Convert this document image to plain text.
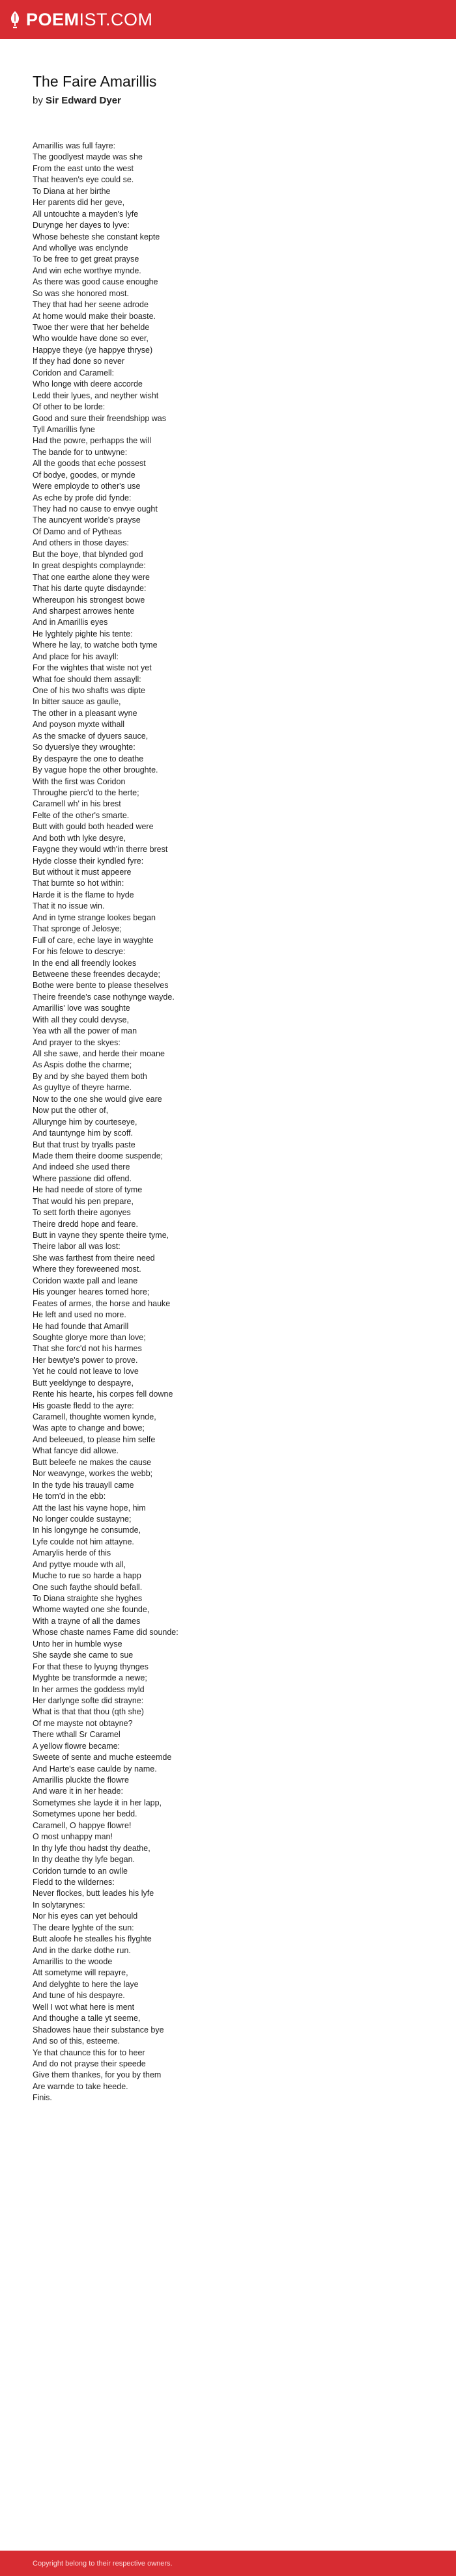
POEMIST.COM
The Faire Amarillis
by Sir Edward Dyer
Amarillis was full fayre:
The goodlyest mayde was she
From the east unto the west
That heaven's eye could se.
To Diana at her birthe
Her parents did her geve,
All untouchte a mayden's lyfe
Duryngе her dayes to lyve:
Whose beheste she constant kepte
And whollye was enclynde
To be free to get great prayse
And win eche worthye mynde.
As there was good cause enoughe
So was she honored most.
They that had her seene adrode
At home would make their boaste.
Twoe ther were that her behelde
Who wouldе have done so ever,
Happye theye (ye happye thryse)
If they had done so never
Coridon and Caramell:
Who longe with deere accorde
Ledd their lyues, and neyther wisht
Of other to be lorde:
Good and sure their freendshipp was
Tyll Amarillis fyne
Had the powre, perhapps the will
The bande for to untwyne:
All the goods that eche possest
Of bodye, goodes, or mynde
Were employde to other's use
As eche by profe did fynde:
They had no cause to envye ought
The auncyent worlde's prayse
Of Damo and of Pytheas
And others in those dayes:
But the boye, that blynded god
In great despights complaynde:
That one earthe alone they were
That his darte quyte disdaynde:
Whereupon his strongest bowe
And sharpest arrowes hente
And in Amarillis eyes
He lyghtely pighte his tente:
Where he lay, to watche both tyme
And place for his avayll:
For the wightes that wiste not yet
What foe should them assayll:
One of his two shafts was dipte
In bitter sauce as gaulle,
The other in a pleasant wyne
And poyson myxte withall
As the smacke of dyuers sauce,
So dyuerslye they wroughte:
By despayre the one to deathe
By vague hope the other broughte.
With the first was Coridon
Throughe pierc'd to the herte;
Caramell wh' in his brest
Felte of the other's smarte.
Butt with gould both headed were
And both wth lyke desyre,
Faygne they would wth'in therre brest
Hyde closse their kyndled fyre:
But without it must appeere
That burnte so hot within:
Harde it is the flame to hyde
That it no issue win.
And in tyme strange lookes began
That spronge of Jelosye;
Full of care, eche laye in wayghte
For his felowe to descrye:
In the end all freendly lookes
Betweene these freendes decayde;
Bothe were bente to please theselves
Theire freende's case nothynge wayde.
Amarillis' love was soughte
With all they could devyse,
Yea wth all the power of man
And prayer to the skyes:
All she sawe, and herde their moane
As Aspis dothe the charme;
By and by she bayed them both
As guyltye of theyre harme.
Now to the one she would give eare
Now put the other of,
Alluryngе him by courteseye,
And tauntynge him by scoff.
But that trust by tryalls paste
Made them theire doome suspende;
And indeed she used there
Where passione did offend.
He had neede of store of tyme
That would his pen prepare,
To sett forth theire agonyes
Theire dredd hope and feare.
Butt in vayne they spente theire tyme,
Theire labor all was lost:
She was farthest from theire need
Where they foreweened most.
Coridon waxte pall and leane
His younger heares torned hore;
Feates of armes, the horse and hauke
He left and used no more.
He had founde that Amarill
Soughte glorye more than love;
That she forc'd not his harmes
Her bewtye's power to prove.
Yet he could not leave to love
Butt yeeldynge to despayre,
Rente his hearte, his corpes fell downe
His goaste fledd to the ayre:
Caramell, thoughte women kynde,
Was apte to change and bowe;
And beleeued, to please him selfe
What fancye did allowe.
Butt beleefe ne makes the cause
Nor weavynge, workes the webb;
In the tyde his trauayll came
He torn'd in the ebb:
Att the last his vayne hope, him
No longer coulde sustayne;
In his longynge he consumde,
Lyfe coulde not him attayne.
Amarylis herde of this
And pyttye moude wth all,
Muche to rue so harde a happ
One such faythe should befall.
To Diana straighte she hyghes
Whome wayted one she founde,
With a trayne of all the dames
Whose chaste names Fame did sounde:
Unto her in humble wyse
She sayde she came to sue
For that these to lyuyng thynges
Myghte be transformde a newe;
In her armes the goddess myld
Her darlynge softe did strayne:
What is that that thou (qth she)
Of me mayste not obtayne?
There wthall Sr Caramel
A yellow flowre became:
Sweete of sente and muche esteemde
And Harte's ease caulde by name.
Amarillis pluckte the flowre
And ware it in her heade:
Sometymes she layde it in her lapp,
Sometymes upone her bedd.
Caramell, O happye flowre!
O most unhappy man!
In thy lyfe thou hadst thy deathe,
In thy deathe thy lyfe began.
Coridon turnde to an owlle
Fledd to the wildernes:
Never flockes, butt leades his lyfe
In solytarynes:
Nor his eyes can yet behould
The deare lyghte of the sun:
Butt aloofe he stealles his flyghte
And in the darke dothe run.
Amarillis to the woode
Att sometyme will repayre,
And delyghte to here the laye
And tune of his despayre.
Well I wot what here is ment
And thoughe a talle yt seeme,
Shadowes haue their substance bye
And so of this, esteeme.
Ye that chaunce this for to heer
And do not prayse their speede
Give them thankes, for you by them
Are warnde to take heede.
Finis.
Copyright belong to their respective owners.
